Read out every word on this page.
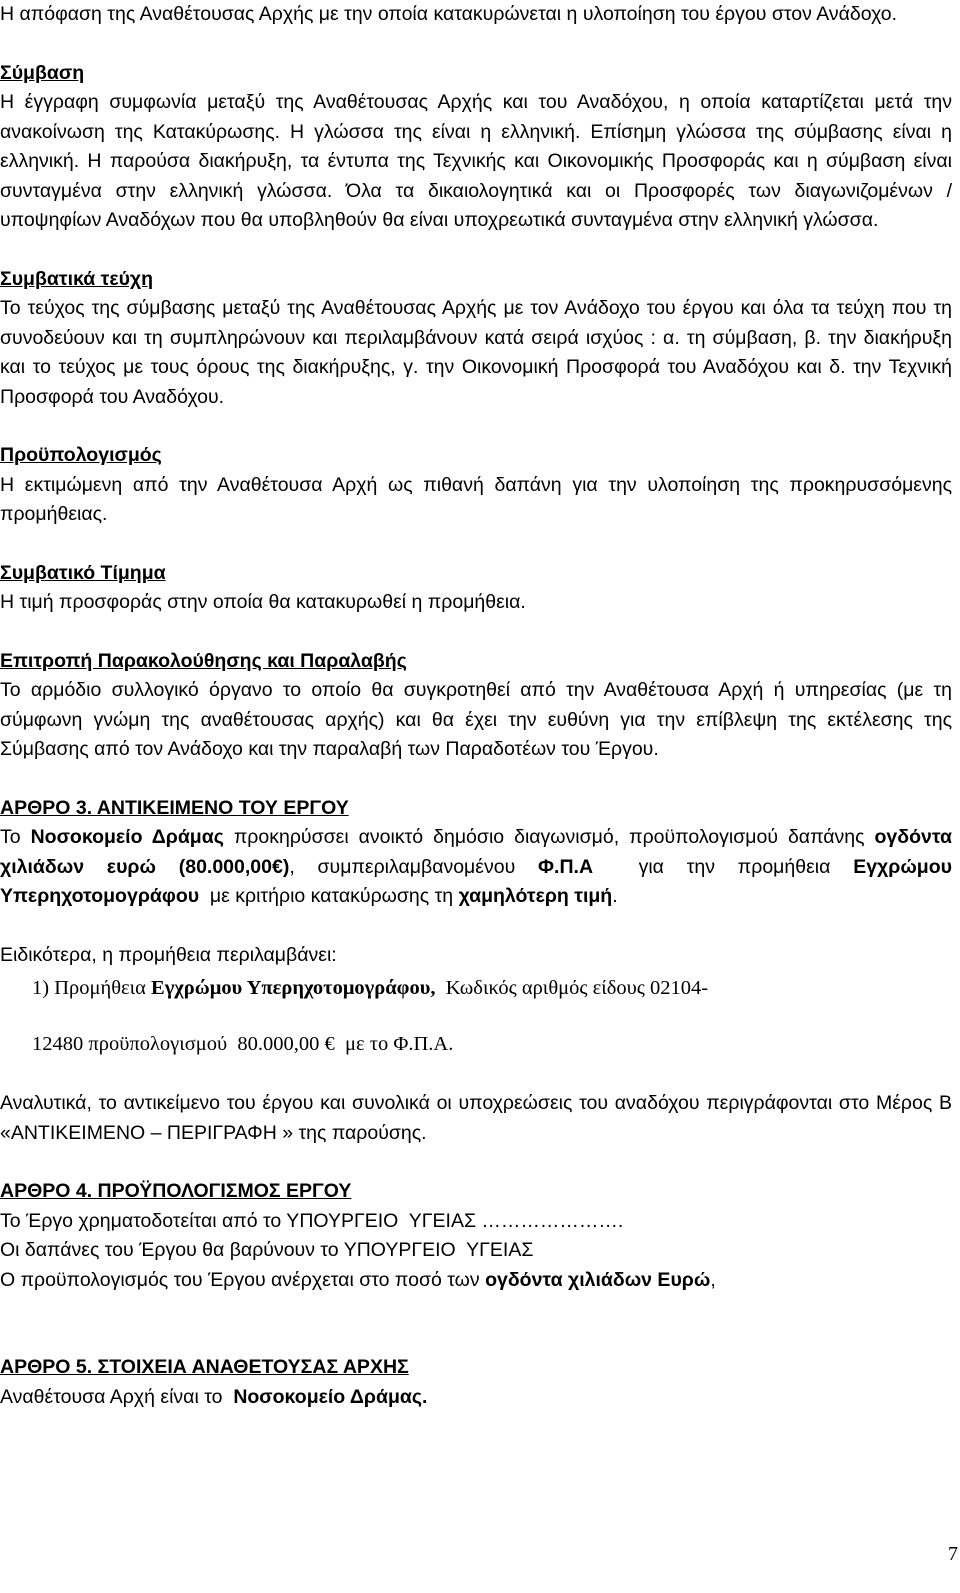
Η απόφαση της Αναθέτουσας Αρχής με την οποία κατακυρώνεται η υλοποίηση του έργου στον Ανάδοχο.

Σύμβαση

Η έγγραφη συμφωνία μεταξύ της Αναθέτουσας Αρχής και του Αναδόχου, η οποία καταρτίζεται μετά την ανακοίνωση της Κατακύρωσης. Η γλώσσα της είναι η ελληνική. Επίσημη γλώσσα της σύμβασης είναι η ελληνική. Η παρούσα διακήρυξη, τα έντυπα της Τεχνικής και Οικονομικής Προσφοράς και η σύμβαση είναι συνταγμένα στην ελληνική γλώσσα. Όλα τα δικαιολογητικά και οι Προσφορές των διαγωνιζομένων / υποψηφίων Αναδόχων που θα υποβληθούν θα είναι υποχρεωτικά συνταγμένα στην ελληνική γλώσσα.

Συμβατικά τεύχη

Το τεύχος της σύμβασης μεταξύ της Αναθέτουσας Αρχής με τον Ανάδοχο του έργου και όλα τα τεύχη που τη συνοδεύουν και τη συμπληρώνουν και περιλαμβάνουν κατά σειρά ισχύος : α. τη σύμβαση, β. την διακήρυξη και το τεύχος με τους όρους της διακήρυξης, γ. την Οικονομική Προσφορά του Αναδόχου και δ. την Τεχνική Προσφορά του Αναδόχου.

Προϋπολογισμός

Η εκτιμώμενη από την Αναθέτουσα Αρχή ως πιθανή δαπάνη για την υλοποίηση της προκηρυσσόμενης προμήθειας.

Συμβατικό Τίμημα

Η τιμή προσφοράς στην οποία θα κατακυρωθεί η προμήθεια.

Επιτροπή Παρακολούθησης και Παραλαβής

Το αρμόδιο συλλογικό όργανο το οποίο θα συγκροτηθεί από την Αναθέτουσα Αρχή ή υπηρεσίας (με τη σύμφωνη γνώμη της αναθέτουσας αρχής) και θα έχει την ευθύνη για την επίβλεψη της εκτέλεσης της Σύμβασης από τον Ανάδοχο και την παραλαβή των Παραδοτέων του Έργου.

ΑΡΘΡΟ 3. ΑΝΤΙΚΕΙΜΕΝΟ ΤΟΥ ΕΡΓΟΥ

Το Νοσοκομείο Δράμας προκηρύσσει ανοικτό δημόσιο διαγωνισμό, προϋπολογισμού δαπάνης ογδόντα χιλιάδων ευρώ (80.000,00€), συμπεριλαμβανομένου Φ.Π.Α  για την προμήθεια Εγχρώμου Υπερηχοτομογράφου  με κριτήριο κατακύρωσης τη χαμηλότερη τιμή.

Ειδικότερα, η προμήθεια περιλαμβάνει:

1) Προμήθεια Εγχρώμου Υπερηχοτομογράφου,  Κωδικός αριθμός είδους 02104-

12480 προϋπολογισμού  80.000,00 €  με το Φ.Π.Α.

Αναλυτικά, το αντικείμενο του έργου και συνολικά οι υποχρεώσεις του αναδόχου περιγράφονται στο Μέρος Β «ΑΝΤΙΚΕΙΜΕΝΟ – ΠΕΡΙΓΡΑΦΗ » της παρούσης.

ΑΡΘΡΟ 4. ΠΡΟΫΠΟΛΟΓΙΣΜΟΣ ΕΡΓΟΥ

Το Έργο χρηματοδοτείται από το ΥΠΟΥΡΓΕΙΟ  ΥΓΕΙΑΣ ………………….

Οι δαπάνες του Έργου θα βαρύνουν το ΥΠΟΥΡΓΕΙΟ  ΥΓΕΙΑΣ

Ο προϋπολογισμός του Έργου ανέρχεται στο ποσό των ογδόντα χιλιάδων Ευρώ,

ΑΡΘΡΟ 5. ΣΤΟΙΧΕΙΑ ΑΝΑΘΕΤΟΥΣΑΣ ΑΡΧΗΣ

Αναθέτουσα Αρχή είναι το  Νοσοκομείο Δράμας.

7
